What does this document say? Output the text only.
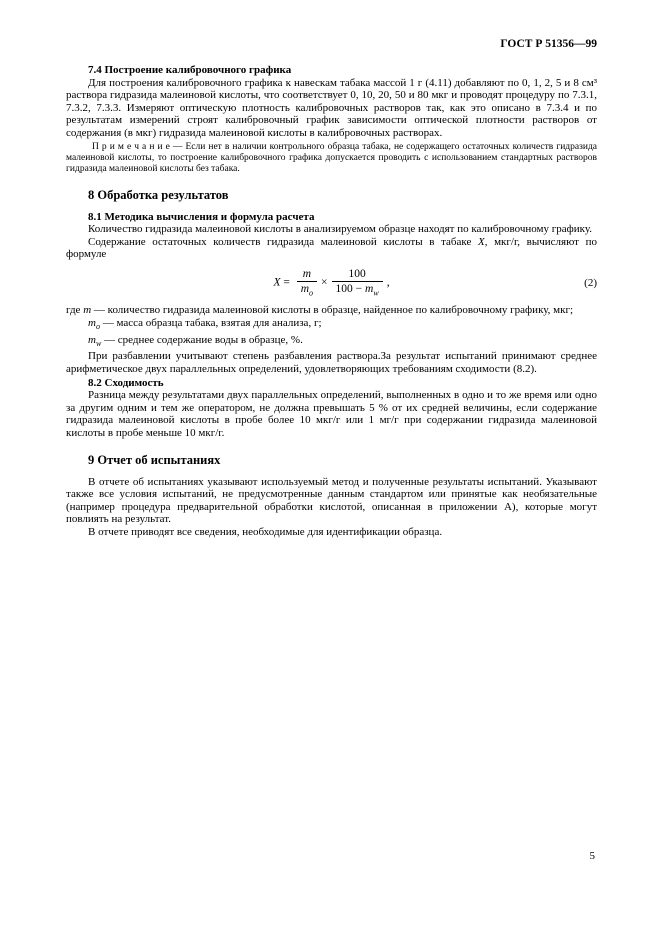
ГОСТ Р 51356—99

7.4 Построение калибровочного графика

Для построения калибровочного графика к навескам табака массой 1 г (4.11) добавляют по 0, 1, 2, 5 и 8 см³ раствора гидразида малеиновой кислоты, что соответствует 0, 10, 20, 50 и 80 мкг и проводят процедуру по 7.3.1, 7.3.2, 7.3.3. Измеряют оптическую плотность калибровочных растворов так, как это описано в 7.3.4 и по результатам измерений строят калибровочный график зависимости оптической плотности растворов от содержания (в мкг) гидразида малеиновой кислоты в калибровочных растворах.

П р и м е ч а н и е — Если нет в наличии контрольного образца табака, не содержащего остаточных количеств гидразида малеиновой кислоты, то построение калибровочного графика допускается проводить с использованием стандартных растворов гидразида малеиновой кислоты без табака.

8 Обработка результатов

8.1 Методика вычисления и формула расчета

Количество гидразида малеиновой кислоты в анализируемом образце находят по калибровочному графику.

Содержание остаточных количеств гидразида малеиновой кислоты в табаке X, мкг/г, вычисляют по формуле

$X = \frac{m}{m_o} \times \frac{100}{100 - m_w}$ ,	(2)

где m — количество гидразида малеиновой кислоты в образце, найденное по калибровочному графику, мкг;

$m_o$ — масса образца табака, взятая для анализа, г;

$m_w$ — среднее содержание воды в образце, %.

При разбавлении учитывают степень разбавления раствора.За результат испытаний принимают среднее арифметическое двух параллельных определений, удовлетворяющих требованиям сходимости (8.2).

8.2 Сходимость

Разница между результатами двух параллельных определений, выполненных в одно и то же время или одно за другим одним и тем же оператором, не должна превышать 5 % от их средней величины, если содержание гидразида малеиновой кислоты в пробе более 10 мкг/г или 1 мг/г при содержании гидразида малеиновой кислоты в пробе меньше 10 мкг/г.

9 Отчет об испытаниях

В отчете об испытаниях указывают используемый метод и полученные результаты испытаний. Указывают также все условия испытаний, не предусмотренные данным стандартом или принятые как необязательные (например процедура предварительной обработки кислотой, описанная в приложении А), которые могут повлиять на результат.

В отчете приводят все сведения, необходимые для идентификации образца.

5
